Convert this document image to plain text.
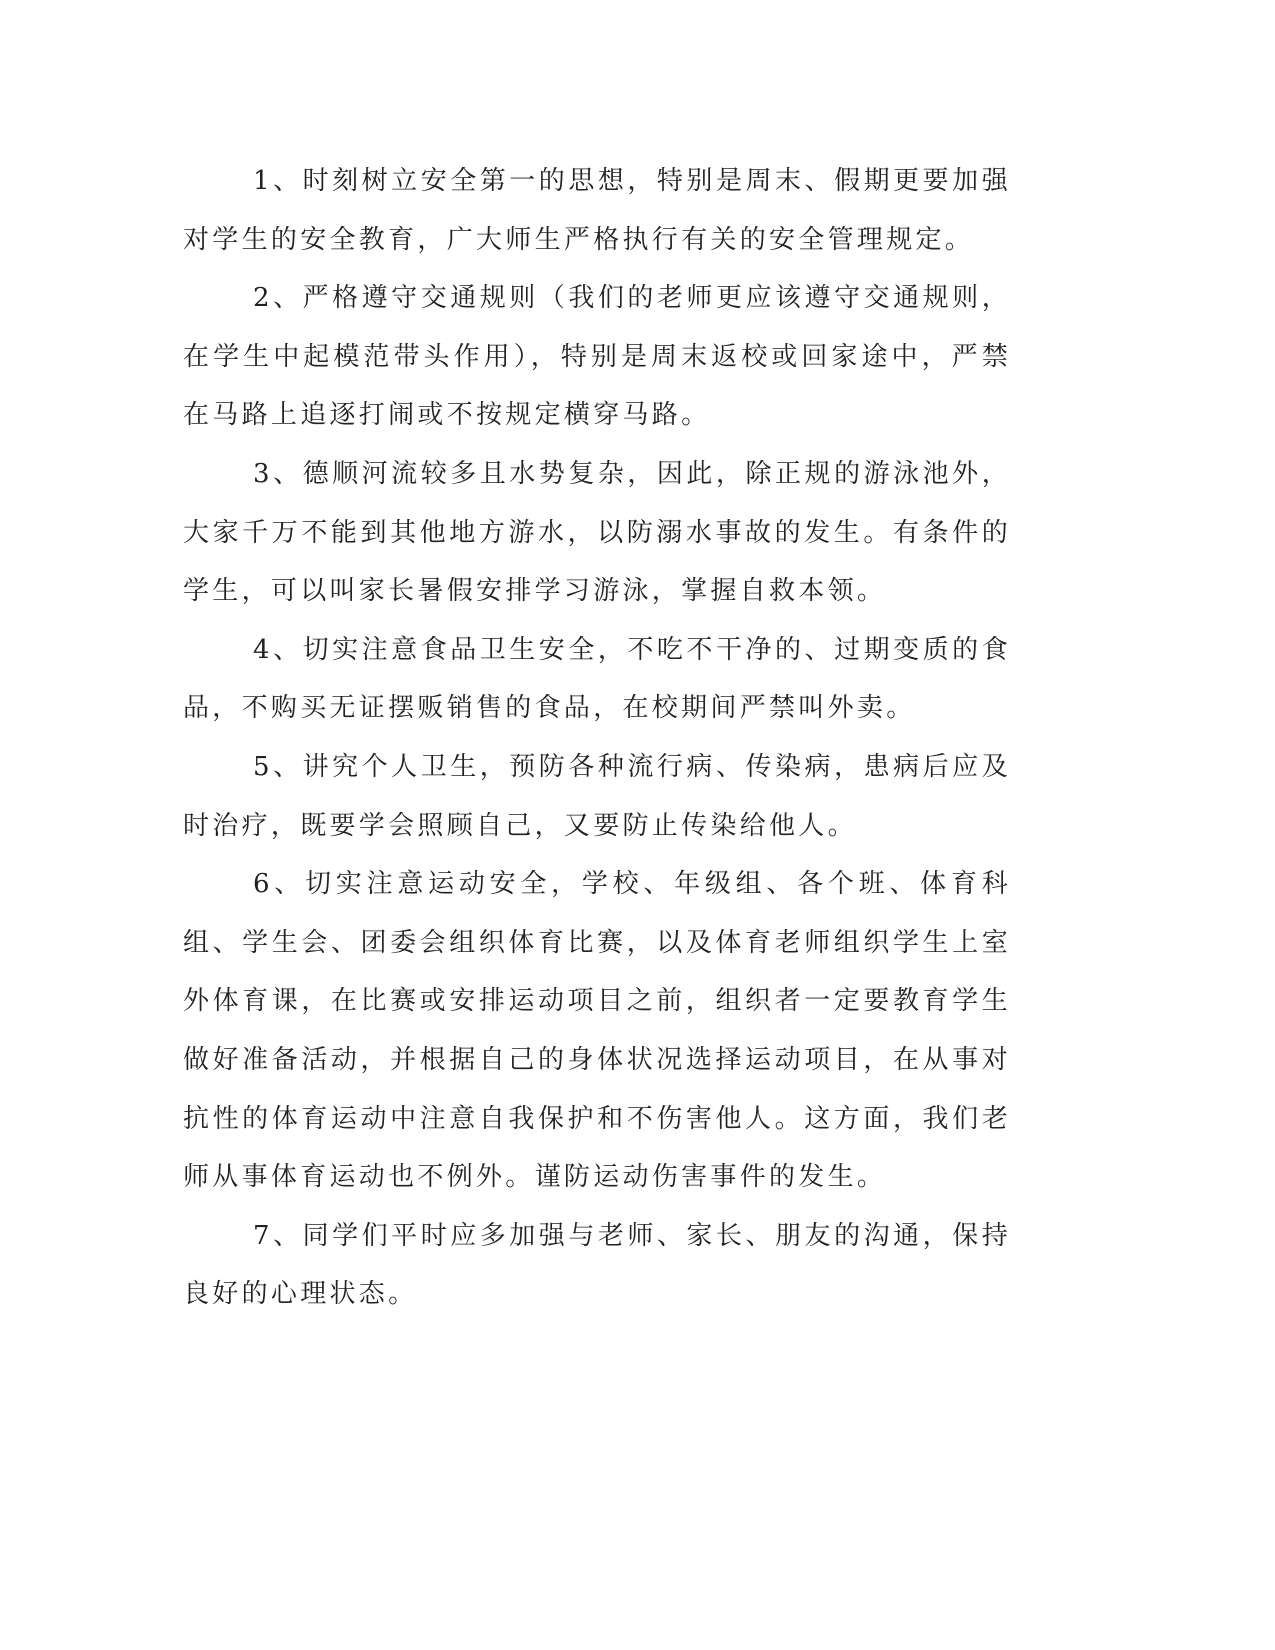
1、时刻树立安全第一的思想，特别是周末、假期更要加强对学生的安全教育，广大师生严格执行有关的安全管理规定。

2、严格遵守交通规则（我们的老师更应该遵守交通规则，在学生中起模范带头作用），特别是周末返校或回家途中，严禁在马路上追逐打闹或不按规定横穿马路。

3、德顺河流较多且水势复杂，因此，除正规的游泳池外，大家千万不能到其他地方游水，以防溺水事故的发生。有条件的学生，可以叫家长暑假安排学习游泳，掌握自救本领。

4、切实注意食品卫生安全，不吃不干净的、过期变质的食品，不购买无证摆贩销售的食品，在校期间严禁叫外卖。

5、讲究个人卫生，预防各种流行病、传染病，患病后应及时治疗，既要学会照顾自己，又要防止传染给他人。

6、切实注意运动安全，学校、年级组、各个班、体育科组、学生会、团委会组织体育比赛，以及体育老师组织学生上室外体育课，在比赛或安排运动项目之前，组织者一定要教育学生做好准备活动，并根据自己的身体状况选择运动项目，在从事对抗性的体育运动中注意自我保护和不伤害他人。这方面，我们老师从事体育运动也不例外。谨防运动伤害事件的发生。

7、同学们平时应多加强与老师、家长、朋友的沟通，保持良好的心理状态。
